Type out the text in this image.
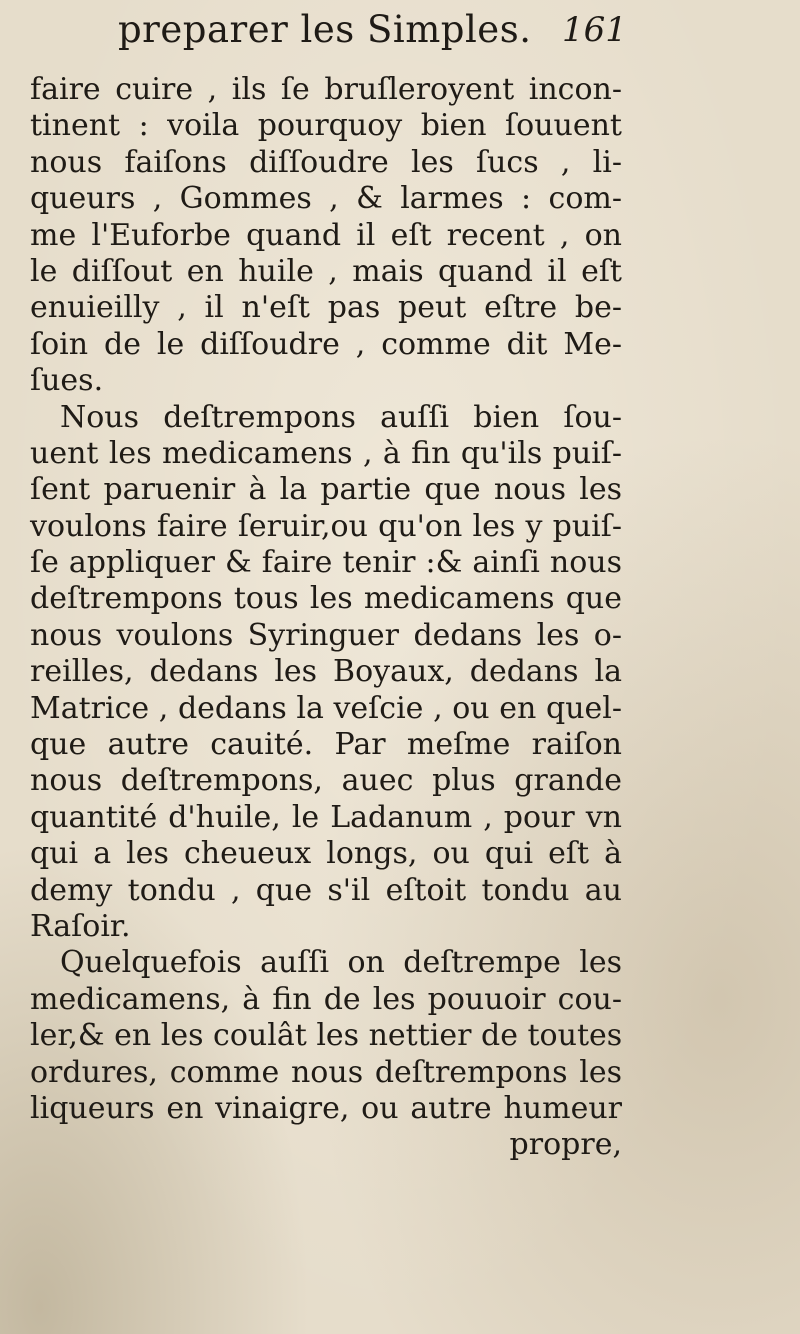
preparer les Simples. 161
faire cuire , ils ſe bruſleroyent incon-
tinent : voila pourquoy bien ſouuent
nous faiſons diſſoudre les ſucs , li-
queurs , Gommes , & larmes : com-
me l'Euforbe quand il eſt recent , on
le diſſout en huile , mais quand il eſt
enuieilly , il n'eſt pas peut eſtre be-
ſoin de le diſſoudre , comme dit Me-
ſues.
Nous deſtrempons auſſi bien ſou-
uent les medicamens , à fin qu'ils puiſ-
ſent paruenir à la partie que nous les
voulons faire ſeruir,ou qu'on les y puiſ-
ſe appliquer & faire tenir :& ainſi nous
deſtrempons tous les medicamens que
nous voulons Syringuer dedans les o-
reilles, dedans les Boyaux, dedans la
Matrice , dedans la veſcie , ou en quel-
que autre cauité. Par meſme raiſon
nous deſtrempons, auec plus grande
quantité d'huile, le Ladanum , pour vn
qui a les cheueux longs, ou qui eſt à
demy tondu , que s'il eſtoit tondu au
Raſoir.
Quelquefois auſſi on deſtrempe les
medicamens, à fin de les pouuoir cou-
ler,& en les coulât les nettier de toutes
ordures, comme nous deſtrempons les
liqueurs en vinaigre, ou autre humeur
propre,
